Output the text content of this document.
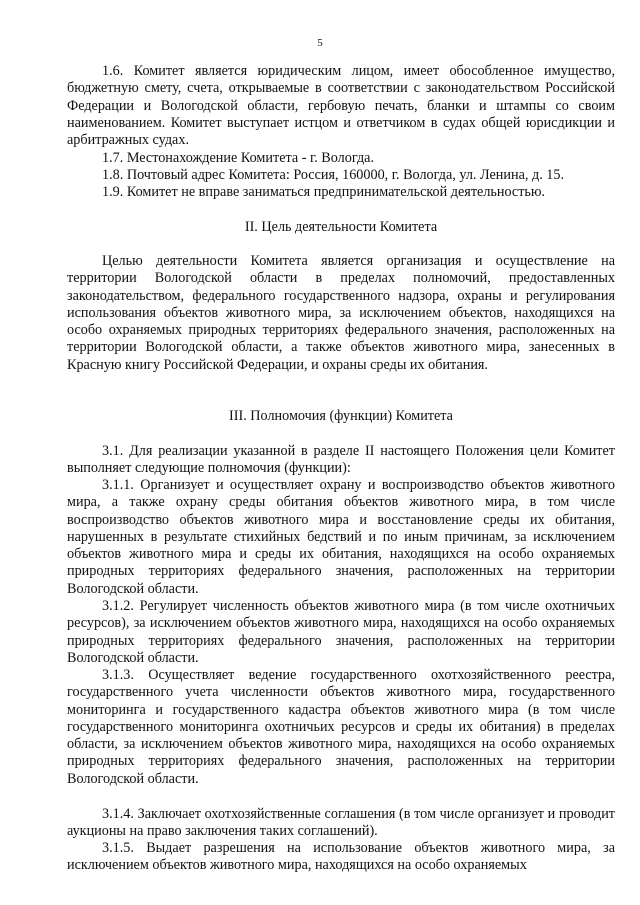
5

1.6. Комитет является юридическим лицом, имеет обособленное имущество, бюджетную смету, счета, открываемые в соответствии с законодательством Российской Федерации и Вологодской области, гербовую печать, бланки и штампы со своим наименованием. Комитет выступает истцом и ответчиком в судах общей юрисдикции и арбитражных судах.

1.7. Местонахождение Комитета - г. Вологда.

1.8. Почтовый адрес Комитета: Россия, 160000, г. Вологда, ул. Ленина, д. 15.

1.9. Комитет не вправе заниматься предпринимательской деятельностью.

II. Цель деятельности Комитета

Целью деятельности Комитета является организация и осуществление на территории Вологодской области в пределах полномочий, предоставленных законодательством, федерального государственного надзора, охраны и регулирования использования объектов животного мира, за исключением объектов, находящихся на особо охраняемых природных территориях федерального значения, расположенных на территории Вологодской области, а также объектов животного мира, занесенных в Красную книгу Российской Федерации, и охраны среды их обитания.

III. Полномочия (функции) Комитета

3.1. Для реализации указанной в разделе II настоящего Положения цели Комитет выполняет следующие полномочия (функции):

3.1.1. Организует и осуществляет охрану и воспроизводство объектов животного мира, а также охрану среды обитания объектов животного мира, в том числе воспроизводство объектов животного мира и восстановление среды их обитания, нарушенных в результате стихийных бедствий и по иным причинам, за исключением объектов животного мира и среды их обитания, находящихся на особо охраняемых природных территориях федерального значения, расположенных на территории Вологодской области.

3.1.2. Регулирует численность объектов животного мира (в том числе охотничьих ресурсов), за исключением объектов животного мира, находящихся на особо охраняемых природных территориях федерального значения, расположенных на территории Вологодской области.

3.1.3. Осуществляет ведение государственного охотхозяйственного реестра, государственного учета численности объектов животного мира, государственного мониторинга и государственного кадастра объектов животного мира (в том числе государственного мониторинга охотничьих ресурсов и среды их обитания) в пределах области, за исключением объектов животного мира, находящихся на особо охраняемых природных территориях федерального значения, расположенных на территории Вологодской области.

3.1.4. Заключает охотхозяйственные соглашения (в том числе организует и проводит аукционы на право заключения таких соглашений).

3.1.5. Выдает разрешения на использование объектов животного мира, за исключением объектов животного мира, находящихся на особо охраняемых
